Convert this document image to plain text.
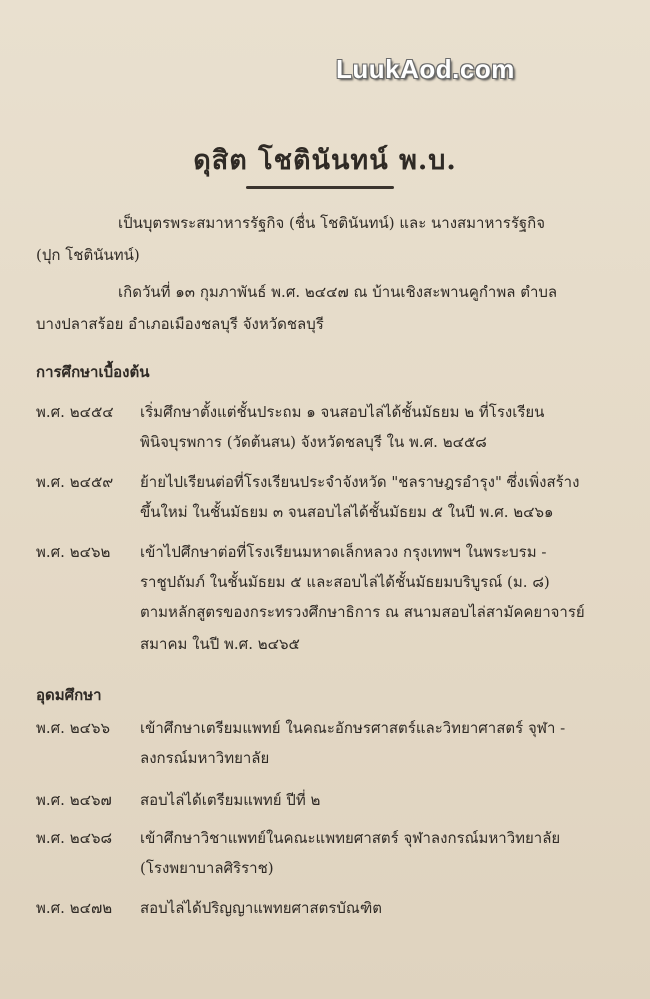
LuukAod.com
ดุสิต โชตินันทน์ พ.บ.
เป็นบุตรพระสมาหารรัฐกิจ (ชื่น โชตินันทน์) และ นางสมาหารรัฐกิจ
(ปุก โชตินันทน์)
เกิดวันที่ ๑๓ กุมภาพันธ์ พ.ศ. ๒๔๔๗ ณ บ้านเชิงสะพานคูกำพล ตำบล
บางปลาสร้อย อำเภอเมืองชลบุรี จังหวัดชลบุรี
การศึกษาเบื้องต้น
พ.ศ. ๒๔๕๔ เริ่มศึกษาตั้งแต่ชั้นประถม ๑ จนสอบไล่ได้ชั้นมัธยม ๒ ที่โรงเรียน
พินิจบุรพการ (วัดต้นสน) จังหวัดชลบุรี ใน พ.ศ. ๒๔๕๘
พ.ศ. ๒๔๕๙ ย้ายไปเรียนต่อที่โรงเรียนประจำจังหวัด "ชลราษฎรอำรุง" ซึ่งเพิ่งสร้าง
ขึ้นใหม่ ในชั้นมัธยม ๓ จนสอบไล่ได้ชั้นมัธยม ๕ ในปี พ.ศ. ๒๔๖๑
พ.ศ. ๒๔๖๒ เข้าไปศึกษาต่อที่โรงเรียนมหาดเล็กหลวง กรุงเทพฯ ในพระบรม -
ราชูปถัมภ์ ในชั้นมัธยม ๕ และสอบไล่ได้ชั้นมัธยมบริบูรณ์ (ม. ๘)
ตามหลักสูตรของกระทรวงศึกษาธิการ ณ สนามสอบไล่สามัคคยาจารย์
สมาคม ในปี พ.ศ. ๒๔๖๕
อุดมศึกษา
พ.ศ. ๒๔๖๖ เข้าศึกษาเตรียมแพทย์ ในคณะอักษรศาสตร์และวิทยาศาสตร์ จุฬา -
ลงกรณ์มหาวิทยาลัย
พ.ศ. ๒๔๖๗ สอบไล่ได้เตรียมแพทย์ ปีที่ ๒
พ.ศ. ๒๔๖๘ เข้าศึกษาวิชาแพทย์ในคณะแพทยศาสตร์ จุฬาลงกรณ์มหาวิทยาลัย
(โรงพยาบาลศิริราช)
พ.ศ. ๒๔๗๒ สอบไล่ได้ปริญญาแพทยศาสตรบัณฑิต
